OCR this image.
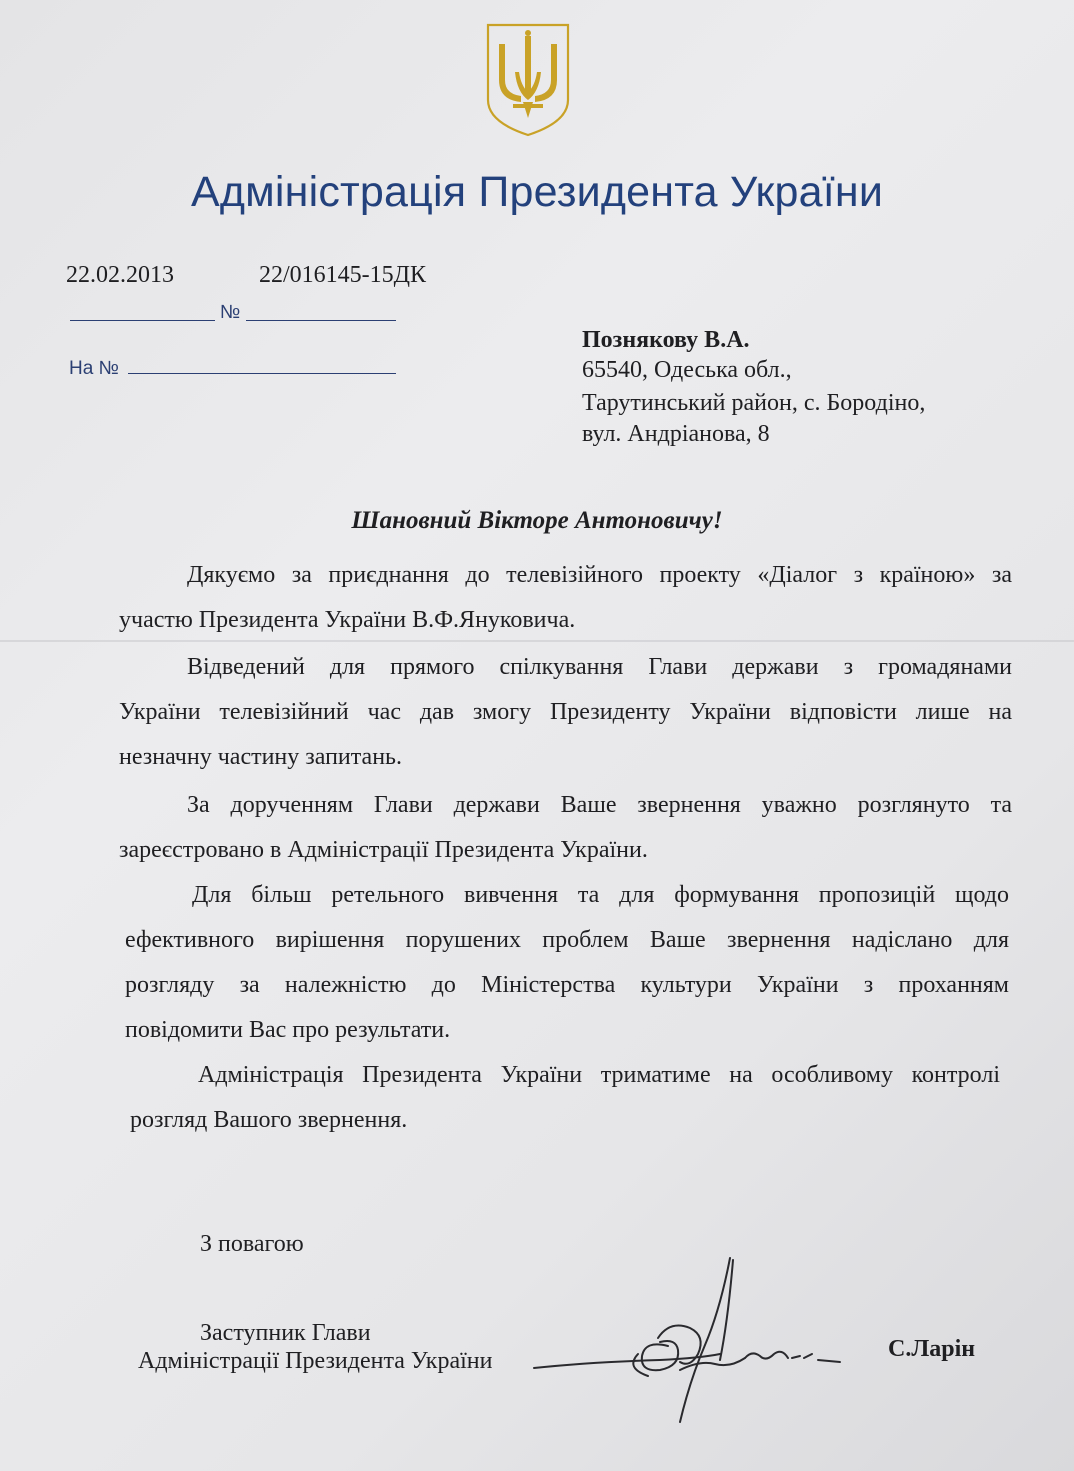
Адміністрація Президента України
22.02.2013	22/016145-15ДК
№
На №
Познякову В.А.
65540, Одеська обл.,
Тарутинський район, с. Бородіно,
вул. Андріанова, 8
Шановний Вікторе Антоновичу!
Дякуємо за приєднання до телевізійного проекту «Діалог з країною» за
участю Президента України В.Ф.Януковича.
Відведений для прямого спілкування Глави держави з громадянами
України телевізійний час дав змогу Президенту України відповісти лише на
незначну частину запитань.
За дорученням Глави держави Ваше звернення уважно розглянуто та
зареєстровано в Адміністрації Президента України.
Для більш ретельного вивчення та для формування пропозицій щодо
ефективного вирішення порушених проблем Ваше звернення надіслано для
розгляду за належністю до Міністерства культури України з проханням
повідомити Вас про результати.
Адміністрація Президента України триматиме на особливому контролі
розгляд Вашого звернення.
З повагою
Заступник Глави
Адміністрації Президента України	С.Ларін
